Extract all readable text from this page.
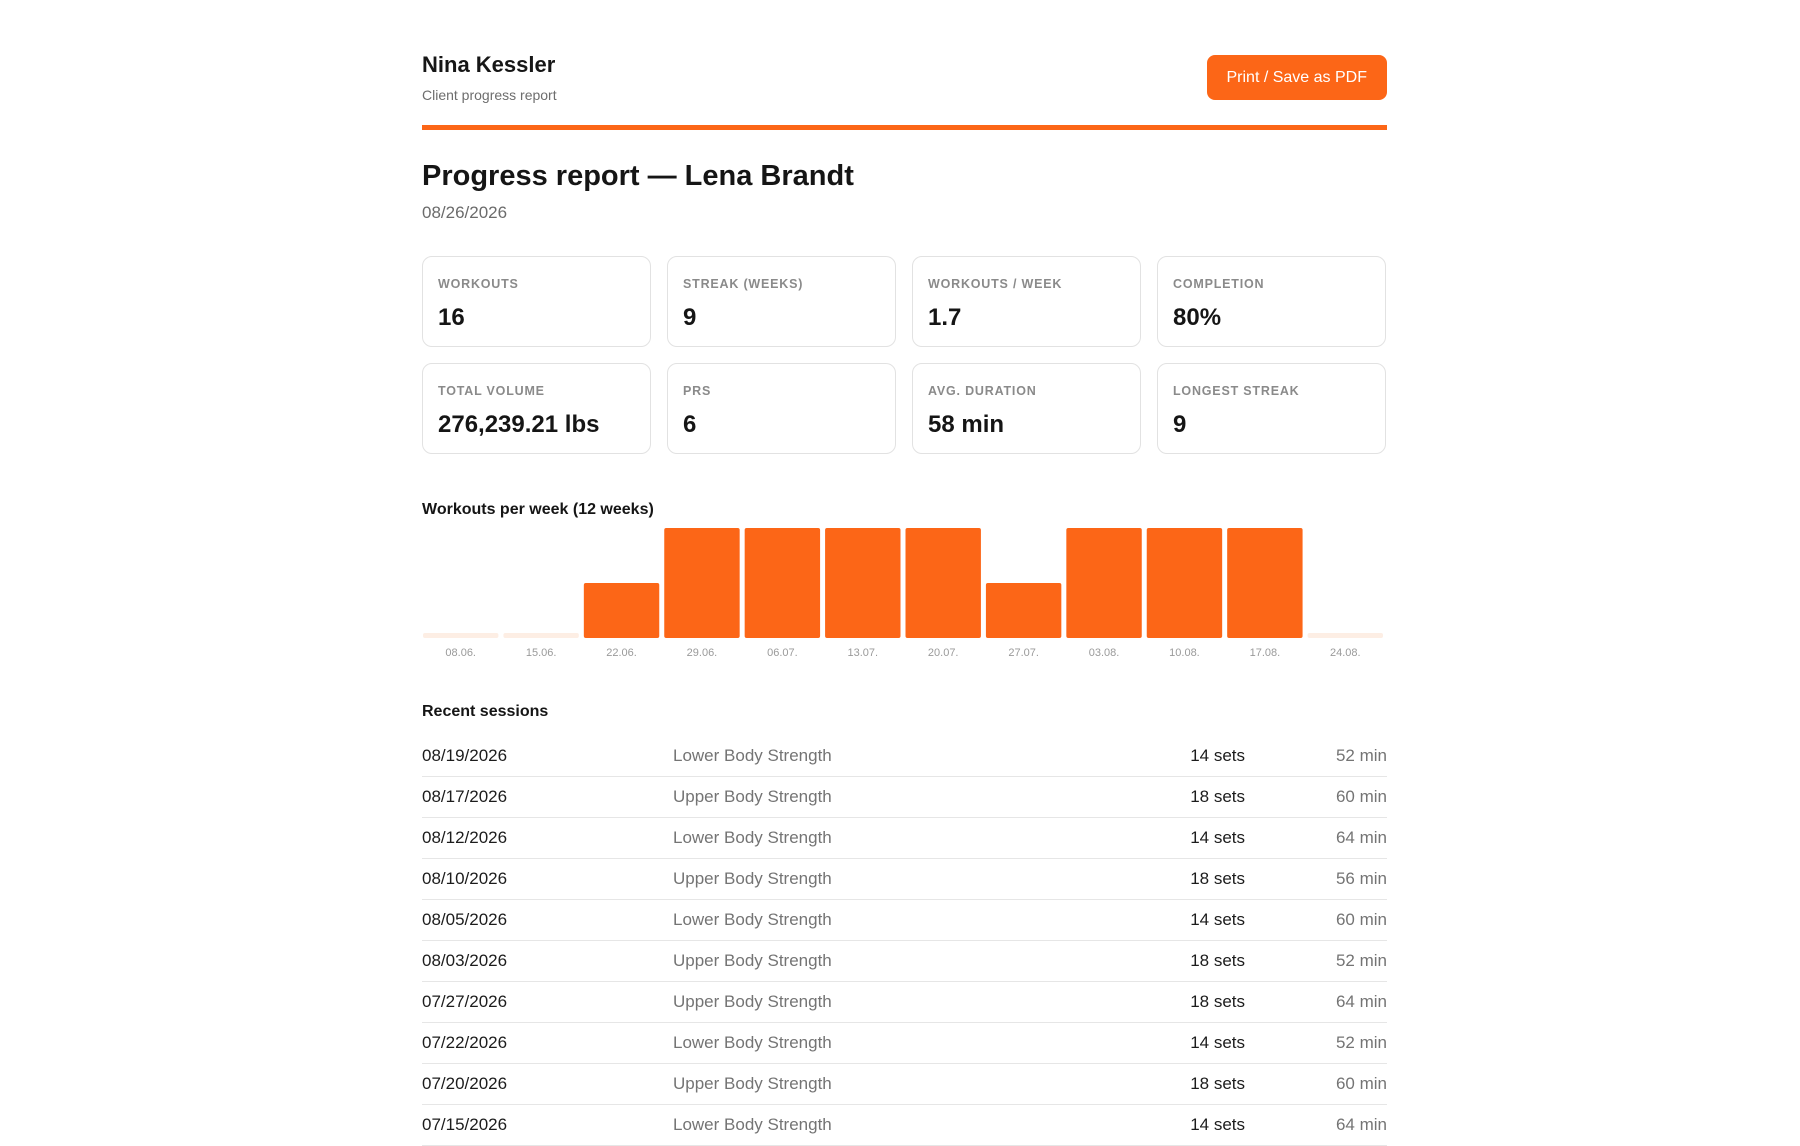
Nina Kessler
Client progress report
Print / Save as PDF
Progress report — Lena Brandt
08/26/2026
WORKOUTS
16
STREAK (WEEKS)
9
WORKOUTS / WEEK
1.7
COMPLETION
80%
TOTAL VOLUME
276,239.21 lbs
PRS
6
AVG. DURATION
58 min
LONGEST STREAK
9
Workouts per week (12 weeks)
08.06.	15.06.	22.06.	29.06.	06.07.	13.07.	20.07.	27.07.	03.08.	10.08.	17.08.	24.08.
Recent sessions
08/19/2026	Lower Body Strength	14 sets	52 min
08/17/2026	Upper Body Strength	18 sets	60 min
08/12/2026	Lower Body Strength	14 sets	64 min
08/10/2026	Upper Body Strength	18 sets	56 min
08/05/2026	Lower Body Strength	14 sets	60 min
08/03/2026	Upper Body Strength	18 sets	52 min
07/27/2026	Upper Body Strength	18 sets	64 min
07/22/2026	Lower Body Strength	14 sets	52 min
07/20/2026	Upper Body Strength	18 sets	60 min
07/15/2026	Lower Body Strength	14 sets	64 min
